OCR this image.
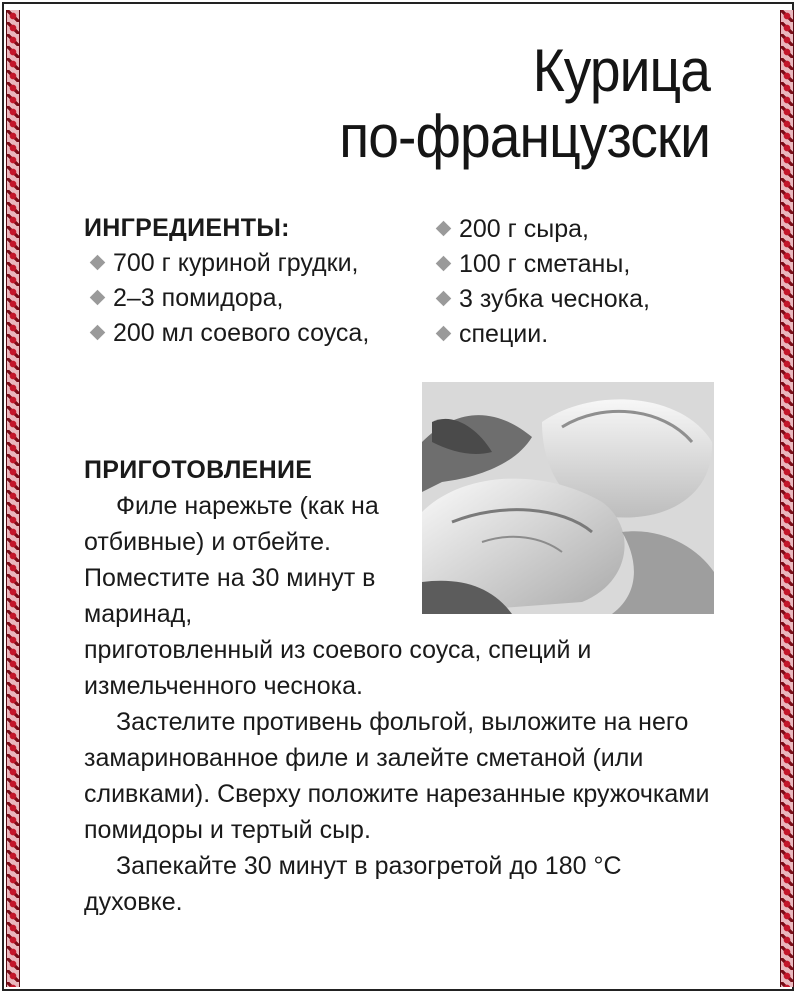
Курица
по-французски
ИНГРЕДИЕНТЫ:
700 г куриной грудки,
2–3 помидора,
200 мл соевого соуса,
200 г сыра,
100 г сметаны,
3 зубка чеснока,
специи.
ПРИГОТОВЛЕНИЕ

Филе нарежьте (как на отбивные) и отбейте. Поместите на 30 минут в маринад, приготовленный из соевого соуса, специй и измельченного чеснока.

Застелите противень фольгой, выложите на него замаринованное филе и залейте сметаной (или сливками). Сверху положите нарезанные кружочками помидоры и тертый сыр.

Запекайте 30 минут в разогретой до 180 °С духовке.
